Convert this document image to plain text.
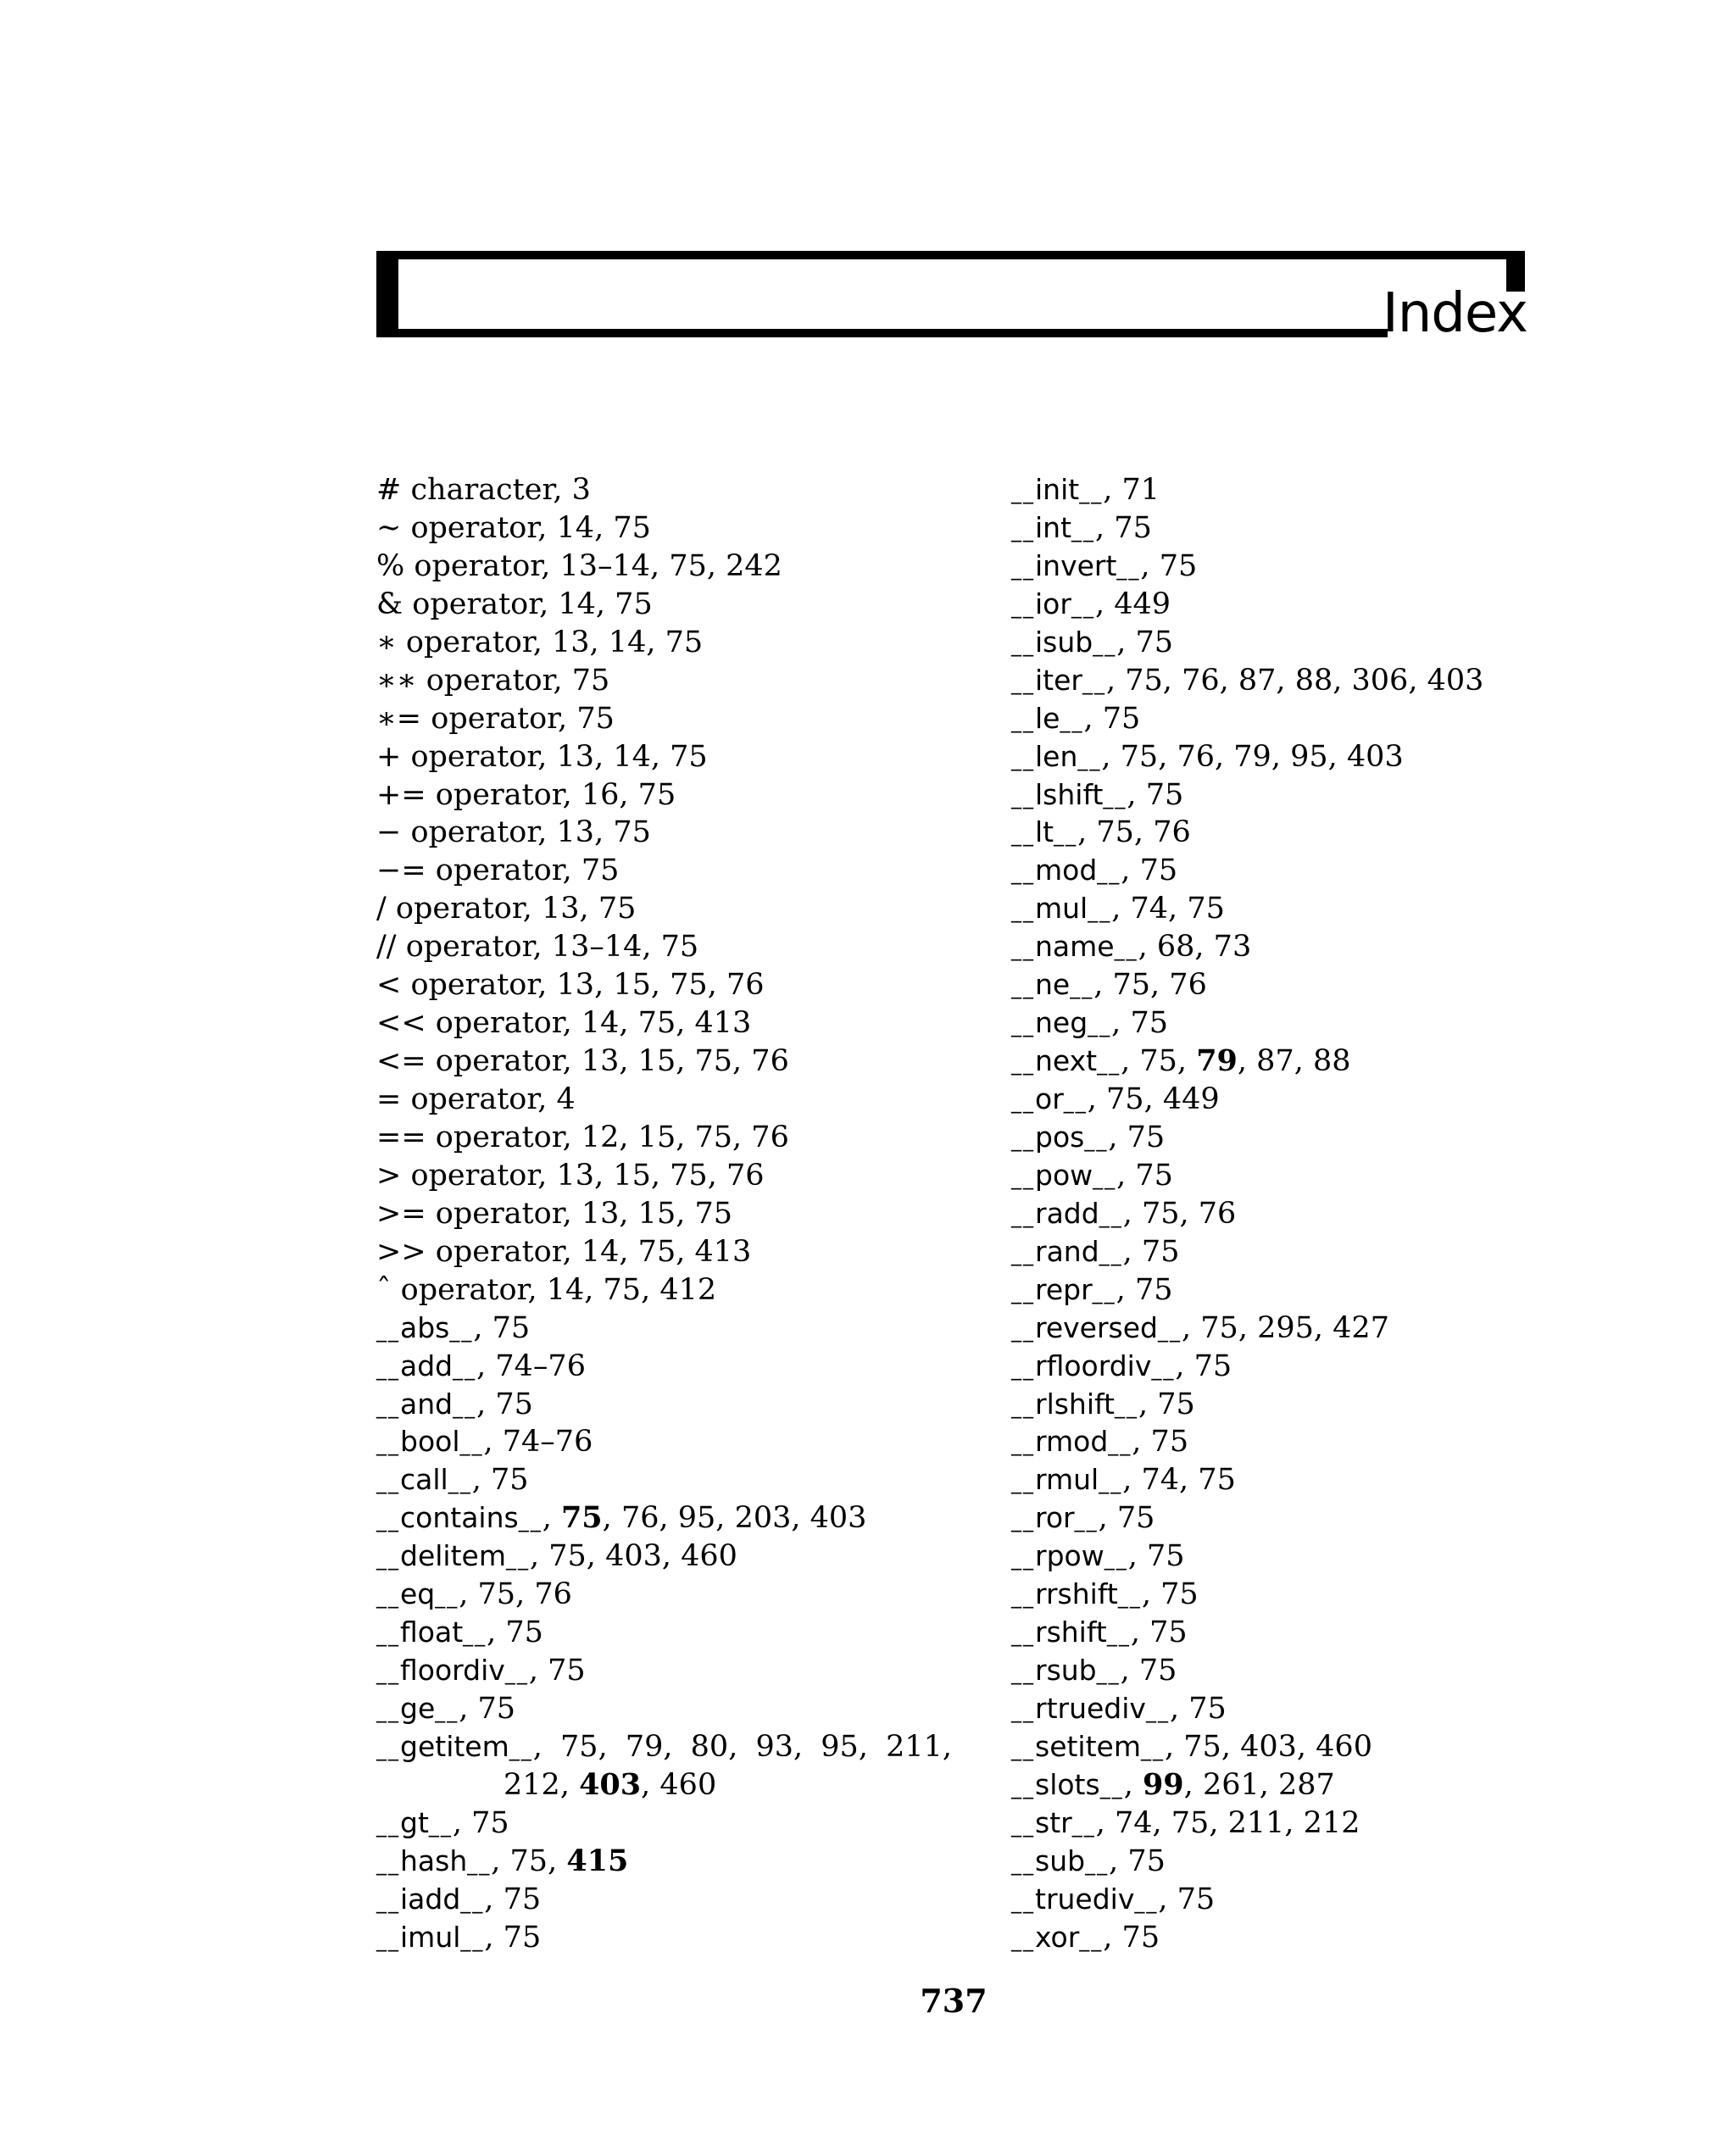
Index
# character, 3
∼ operator, 14, 75
% operator, 13–14, 75, 242
& operator, 14, 75
∗ operator, 13, 14, 75
∗∗ operator, 75
∗= operator, 75
+ operator, 13, 14, 75
+= operator, 16, 75
− operator, 13, 75
−= operator, 75
/ operator, 13, 75
// operator, 13–14, 75
< operator, 13, 15, 75, 76
<< operator, 14, 75, 413
<= operator, 13, 15, 75, 76
= operator, 4
== operator, 12, 15, 75, 76
> operator, 13, 15, 75, 76
>= operator, 13, 15, 75
>> operator, 14, 75, 413
ˆ operator, 14, 75, 412
__abs__, 75
__add__, 74–76
__and__, 75
__bool__, 74–76
__call__, 75
__contains__, 75, 76, 95, 203, 403
__delitem__, 75, 403, 460
__eq__, 75, 76
__float__, 75
__floordiv__, 75
__ge__, 75
__getitem__, 75, 79, 80, 93, 95, 211,
212, 403, 460
__gt__, 75
__hash__, 75, 415
__iadd__, 75
__imul__, 75
__init__, 71
__int__, 75
__invert__, 75
__ior__, 449
__isub__, 75
__iter__, 75, 76, 87, 88, 306, 403
__le__, 75
__len__, 75, 76, 79, 95, 403
__lshift__, 75
__lt__, 75, 76
__mod__, 75
__mul__, 74, 75
__name__, 68, 73
__ne__, 75, 76
__neg__, 75
__next__, 75, 79, 87, 88
__or__, 75, 449
__pos__, 75
__pow__, 75
__radd__, 75, 76
__rand__, 75
__repr__, 75
__reversed__, 75, 295, 427
__rfloordiv__, 75
__rlshift__, 75
__rmod__, 75
__rmul__, 74, 75
__ror__, 75
__rpow__, 75
__rrshift__, 75
__rshift__, 75
__rsub__, 75
__rtruediv__, 75
__setitem__, 75, 403, 460
__slots__, 99, 261, 287
__str__, 74, 75, 211, 212
__sub__, 75
__truediv__, 75
__xor__, 75
737
